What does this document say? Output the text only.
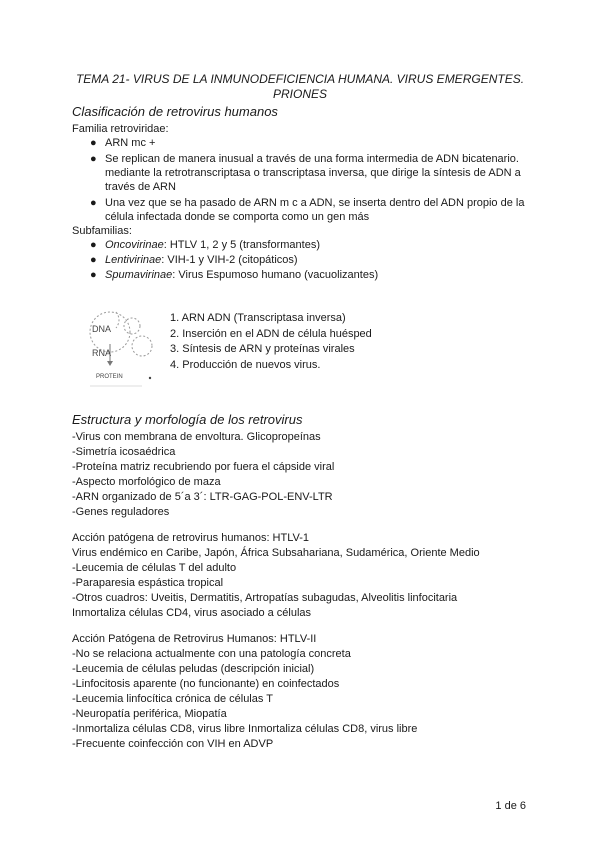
TEMA 21- VIRUS DE LA INMUNODEFICIENCIA HUMANA. VIRUS EMERGENTES. PRIONES
Clasificación de retrovirus humanos
Familia retroviridae:
● ARN mc +
● Se replican de manera inusual a través de una forma intermedia de ADN bicatenario. mediante la retrotranscriptasa o transcriptasa inversa, que dirige la síntesis de ADN a través de ARN
● Una vez que se ha pasado de ARN m c a ADN, se inserta dentro del ADN propio de la célula infectada donde se comporta como un gen más
Subfamilias:
● Oncovirinae: HTLV 1, 2 y 5 (transformantes)
● Lentivirinae: VIH-1 y VIH-2 (citopáticos)
● Spumavirinae: Virus Espumoso humano (vacuolizantes)
DNA
RNA
PROTEIN
1. ARN ADN (Transcriptasa inversa)
2. Inserción en el ADN de célula huésped
3. Síntesis de ARN y proteínas virales
4. Producción de nuevos virus.
Estructura y morfología de los retrovirus
-Virus con membrana de envoltura. Glicopropeínas
-Simetría icosaédrica
-Proteína matriz recubriendo por fuera el cápside viral
-Aspecto morfológico de maza
-ARN organizado de 5´a 3´: LTR-GAG-POL-ENV-LTR
-Genes reguladores
Acción patógena de retrovirus humanos: HTLV-1
Virus endémico en Caribe, Japón, África Subsahariana, Sudamérica, Oriente Medio
-Leucemia de células T del adulto
-Paraparesia espástica tropical
-Otros cuadros: Uveitis, Dermatitis, Artropatías subagudas, Alveolitis linfocitaria
Inmortaliza células CD4, virus asociado a células
Acción Patógena de Retrovirus Humanos: HTLV-II
-No se relaciona actualmente con una patología concreta
-Leucemia de células peludas (descripción inicial)
-Linfocitosis aparente (no funcionante) en coinfectados
-Leucemia linfocítica crónica de células T
-Neuropatía periférica, Miopatía
-Inmortaliza células CD8, virus libre Inmortaliza células CD8, virus libre
-Frecuente coinfección con VIH en ADVP
1 de 6
